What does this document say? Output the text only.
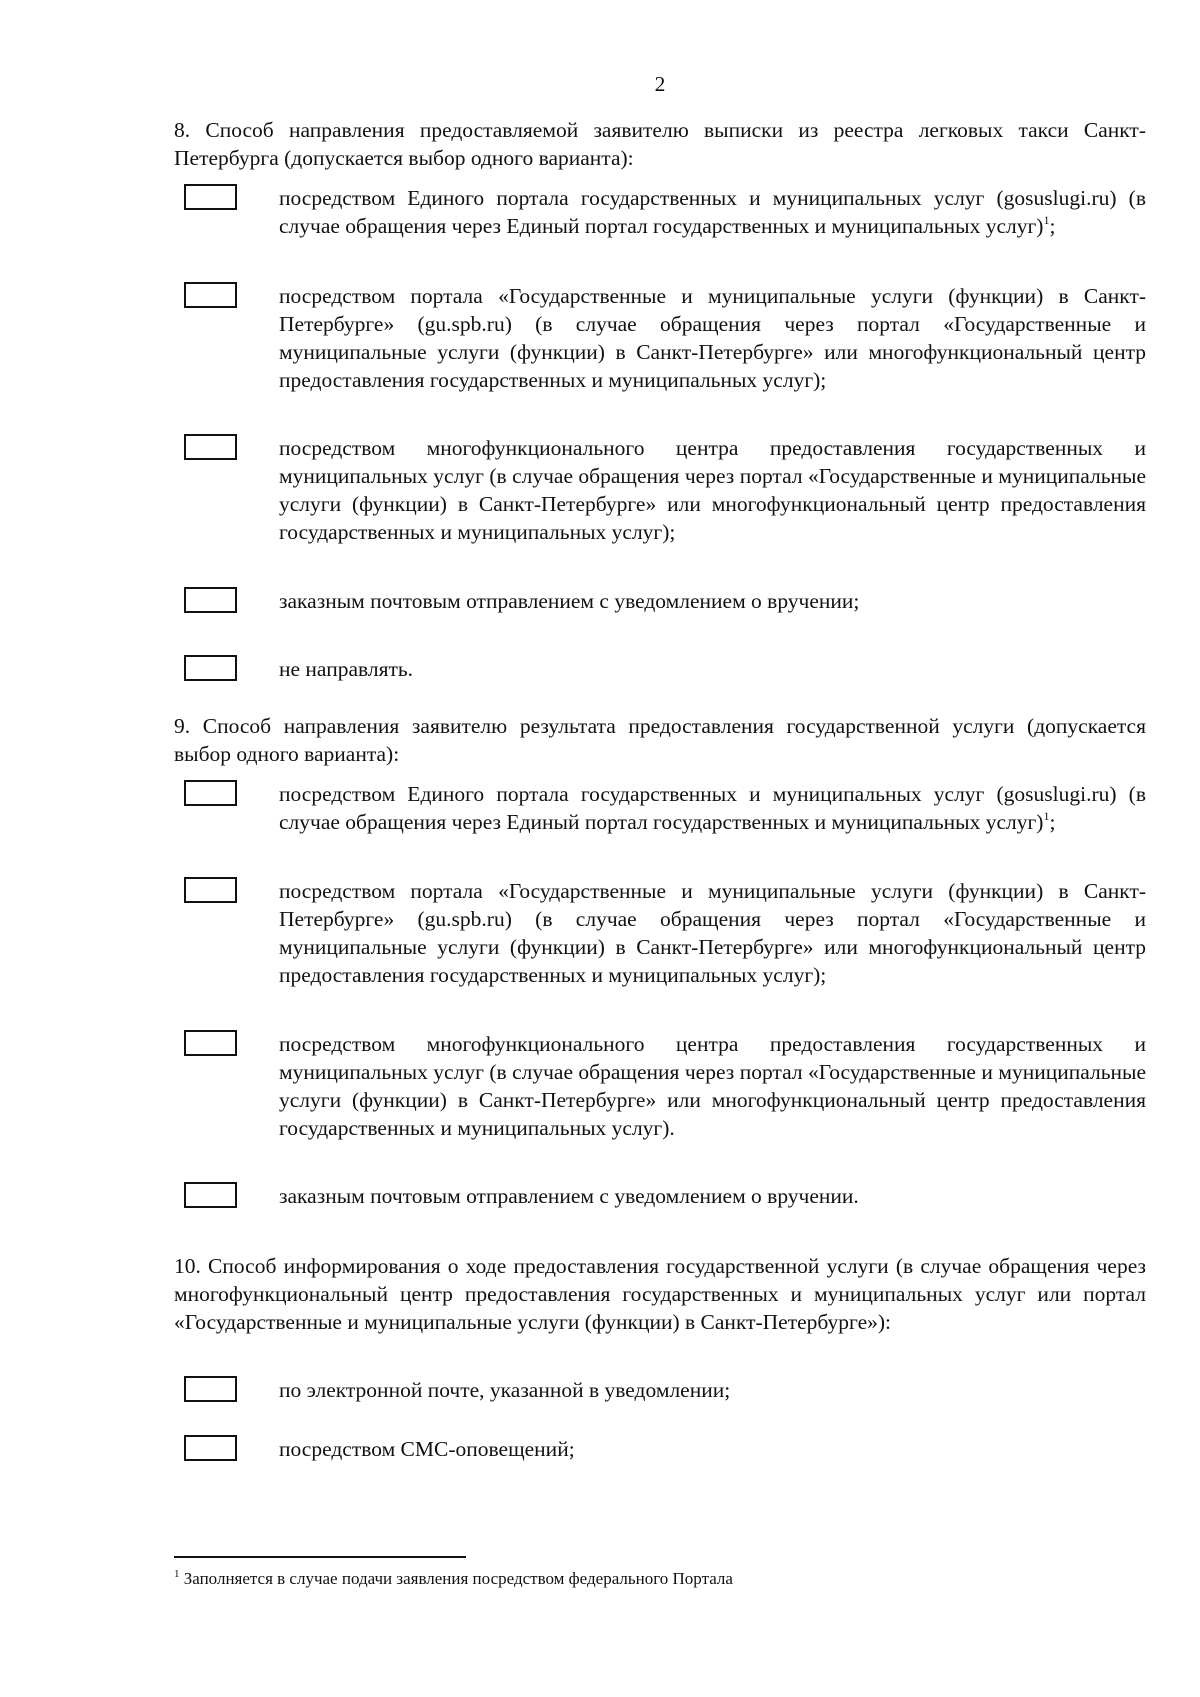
2
8. Способ направления предоставляемой заявителю выписки из реестра легковых такси Санкт-Петербурга (допускается выбор одного варианта):
посредством Единого портала государственных и муниципальных услуг (gosuslugi.ru) (в случае обращения через Единый портал государственных и муниципальных услуг)$^1$;
посредством портала «Государственные и муниципальные услуги (функции) в Санкт-Петербурге» (gu.spb.ru) (в случае обращения через портал «Государственные и муниципальные услуги (функции) в Санкт-Петербурге» или многофункциональный центр предоставления государственных и муниципальных услуг);
посредством многофункционального центра предоставления государственных и муниципальных услуг (в случае обращения через портал «Государственные и муниципальные услуги (функции) в Санкт-Петербурге» или многофункциональный центр предоставления государственных и муниципальных услуг);
заказным почтовым отправлением с уведомлением о вручении;
не направлять.
9. Способ направления заявителю результата предоставления государственной услуги (допускается выбор одного варианта):
посредством Единого портала государственных и муниципальных услуг (gosuslugi.ru) (в случае обращения через Единый портал государственных и муниципальных услуг)$^1$;
посредством портала «Государственные и муниципальные услуги (функции) в Санкт-Петербурге» (gu.spb.ru) (в случае обращения через портал «Государственные и муниципальные услуги (функции) в Санкт-Петербурге» или многофункциональный центр предоставления государственных и муниципальных услуг);
посредством многофункционального центра предоставления государственных и муниципальных услуг (в случае обращения через портал «Государственные и муниципальные услуги (функции) в Санкт-Петербурге» или многофункциональный центр предоставления государственных и муниципальных услуг).
заказным почтовым отправлением с уведомлением о вручении.
10. Способ информирования о ходе предоставления государственной услуги (в случае обращения через многофункциональный центр предоставления государственных и муниципальных услуг или портал «Государственные и муниципальные услуги (функции) в Санкт-Петербурге»):
по электронной почте, указанной в уведомлении;
посредством СМС-оповещений;
$^1$ Заполняется в случае подачи заявления посредством федерального Портала
